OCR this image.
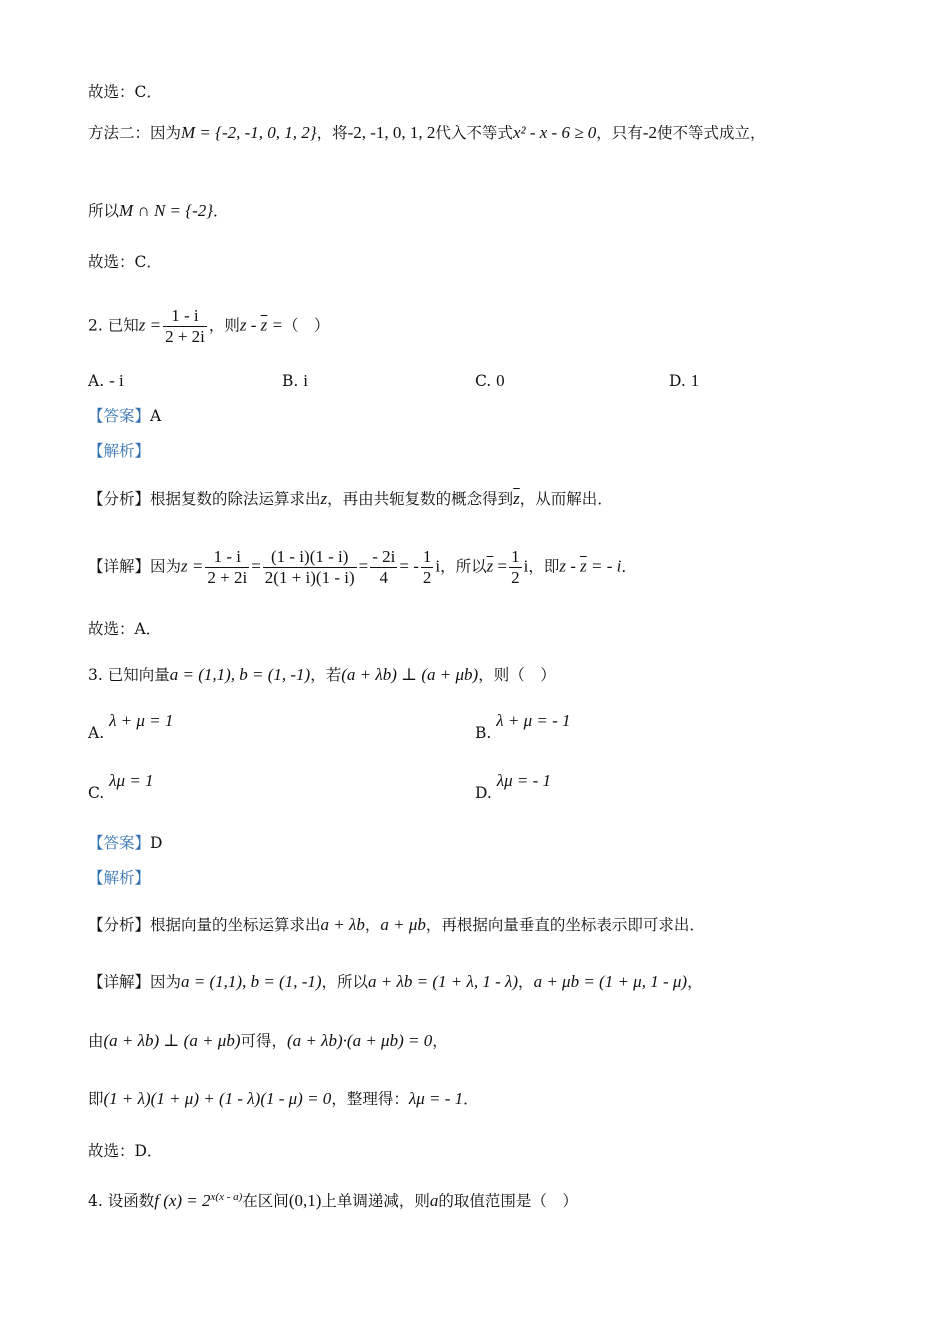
故选：C．
方法二：因为M = {-2, -1, 0, 1, 2}，将-2, -1, 0, 1, 2代入不等式x² - x - 6 ≥ 0，只有-2使不等式成立，
所以M ∩ N = {-2}．
故选：C．
2. 已知$z = \frac{1 - i}{2 + 2i}$ ，则z - $\overline{z}$ =（　）
A. - i	B. i	C. 0	D. 1
【答案】A
【解析】
【分析】根据复数的除法运算求出z，再由共轭复数的概念得到$\overline{z}$，从而解出．
【详解】因为$z = \frac{1 - i}{2 + 2i} = \frac{(1 - i)(1 - i)}{2(1 + i)(1 - i)} = \frac{- 2i}{4}$ = - $\frac{1}{2}$ i，所以$\overline{z} = \frac{1}{2}$ i，即z - $\overline{z}$ = - i．
故选：A．
3. 已知向量a = (1,1), b = (1, -1)，若(a + λb) ⊥ (a + μb)，则（　）
A. λ + μ = 1
B. λ + μ = - 1
C. λμ = 1
D. λμ = - 1
【答案】D
【解析】
【分析】根据向量的坐标运算求出a + λb，a + μb，再根据向量垂直的坐标表示即可求出．
【详解】因为a = (1,1), b = (1, -1)，所以a + λb = (1 + λ, 1 - λ)，a + μb = (1 + μ, 1 - μ)，
由(a + λb) ⊥ (a + μb)可得，(a + λb)·(a + μb) = 0，
即(1 + λ)(1 + μ) + (1 - λ)(1 - μ) = 0，整理得：λμ = - 1．
故选：D．
4. 设函数f $(x) = 2^{x(x - a)}$在区间(0,1)上单调递减，则a的取值范围是（　）
